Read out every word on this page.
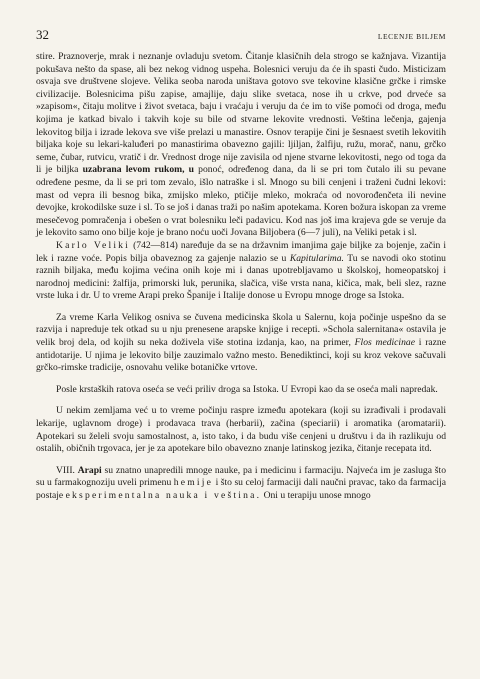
32	LECENJE BILJEM

stire. Praznoverje, mrak i neznanje ovladuju svetom. Čitanje klasičnih dela strogo se kažnjava. Vizantija pokušava nešto da spase, ali bez nekog vidnog uspeha. Bolesnici veruju da će ih spasti čudo. Misticizam osvaja sve društvene slojeve. Velika seoba naroda uništava gotovo sve tekovine klasične grčke i rimske civilizacije. Bolesnicima pišu zapise, amajlije, daju slike svetaca, nose ih u crkve, pod drveće sa »zapisom«, čitaju molitve i život svetaca, baju i vraćaju i veruju da će im to više pomoći od droga, među kojima je katkad bivalo i takvih koje su bile od stvarne lekovite vrednosti. Veština lečenja, gajenja lekovitog bilja i izrade lekova sve više prelazi u manastire. Osnov terapije čini je šesnaest svetih lekovitih biljaka koje su lekari-kaluđeri po manastirima obavezno gajili: ljiljan, žalfiju, ružu, morač, nanu, grčko seme, čubar, rutvicu, vratič i dr. Vrednost droge nije zavisila od njene stvarne lekovitosti, nego od toga da li je biljka uzabrana levom rukom, u ponoć, određenog dana, da li se pri tom čutalo ili su pevane određene pesme, da li se pri tom zevalo, išlo natraške i sl. Mnogo su bili cenjeni i traženi čudni lekovi: mast od vepra ili besnog bika, zmijsko mleko, ptičije mleko, mokraća od novorođenčeta ili nevine devojke, krokodilske suze i sl. To se još i danas traži po našim apotekama. Koren božura iskopan za vreme mesečevog pomračenja i obešen o vrat bolesniku leči padavicu. Kod nas još ima krajeva gde se veruje da je lekovito samo ono bilje koje je brano noću uoči Jovana Biljobera (6—7 juli), na Veliki petak i sl.

Karlo Veliki (742—814) naređuje da se na državnim imanjima gaje biljke za bojenje, začin i lek i razne voće. Popis bilja obaveznog za gajenje nalazio se u Kapitularima. Tu se navodi oko stotinu raznih biljaka, među kojima većina onih koje mi i danas upotrebljavamo u školskoj, homeopatskoj i narodnoj medicini: žalfija, primorski luk, perunika, slačica, više vrsta nana, kičica, mak, beli slez, razne vrste luka i dr. U to vreme Arapi preko Španije i Italije donose u Evropu mnoge droge sa Istoka.

Za vreme Karla Velikog osniva se čuvena medicinska škola u Salernu, koja počinje uspešno da se razvija i napreduje tek otkad su u nju prenesene arapske knjige i recepti. »Schola salernitana« ostavila je velik broj dela, od kojih su neka doživela više stotina izdanja, kao, na primer, Flos medicinae i razne antidotarije. U njima je lekovito bilje zauzimalo važno mesto. Benediktinci, koji su kroz vekove sačuvali grčko-rimske tradicije, osnovahu velike botaničke vrtove.

Posle krstaških ratova oseća se veći priliv droga sa Istoka. U Evropi kao da se oseća mali napredak.

U nekim zemljama već u to vreme počinju raspre između apotekara (koji su izrađivali i prodavali lekarije, uglavnom droge) i prodavaca trava (herbarii), začina (speciarii) i aromatika (aromatarii). Apotekari su želeli svoju samostalnost, a, isto tako, i da budu više cenjeni u društvu i da ih razlikuju od ostalih, običnih trgovaca, jer je za apotekare bilo obavezno znanje latinskog jezika, čitanje recepata itd.

VIII. Arapi su znatno unapredili mnoge nauke, pa i medicinu i farmaciju. Najveća im je zasluga što su u farmakognoziju uveli primenu hemije i što su celoj farmaciji dali naučni pravac, tako da farmacija postaje eksperimentalna nauka i veština. Oni u terapiju unose mnogo
